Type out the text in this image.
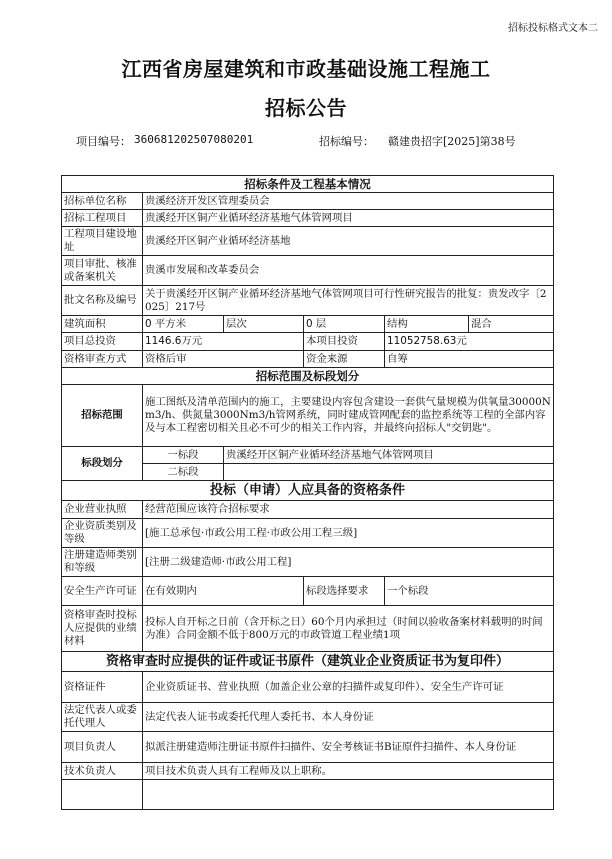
招标投标格式文本二
江西省房屋建筑和市政基础设施工程施工
招标公告
项目编号： 360681202507080201	招标编号： 赣建贵招字[2025]第38号
招标条件及工程基本情况					
招标单位名称	贵溪经济开发区管理委员会				
招标工程项目	贵溪经开区铜产业循环经济基地气体管网项目				
工程项目建设地址	贵溪经开区铜产业循环经济基地				
项目审批、核准或备案机关	贵溪市发展和改革委员会				
批文名称及编号	关于贵溪经开区铜产业循环经济基地气体管网项目可行性研究报告的批复：贵发改字〔2025〕217号				
建筑面积	0 平方米	层次	0 层	结构	混合
项目总投资	1146.6万元		本项目投资	11052758.63元	
资格审查方式	资格后审		资金来源	自筹	
招标范围及标段划分					
招标范围	施工图纸及清单范围内的施工，主要建设内容包含建设一套供气量规模为供氧量30000Nm3/h、供氮量3000Nm3/h管网系统，同时建成管网配套的监控系统等工程的全部内容及与本工程密切相关且必不可少的相关工作内容，并最终向招标人"交钥匙"。				
标段划分	一标段	贵溪经开区铜产业循环经济基地气体管网项目			
	二标段				
投标（申请）人应具备的资格条件					
企业营业执照	经营范围应该符合招标要求				
企业资质类别及等级	[施工总承包·市政公用工程·市政公用工程三级]				
注册建造师类别和等级	[注册二级建造师·市政公用工程]				
安全生产许可证	在有效期内		标段选择要求	一个标段	
资格审查时投标人应提供的业绩材料	投标人自开标之日前（含开标之日）60个月内承担过（时间以验收备案材料载明的时间为准）合同金额不低于800万元的市政管道工程业绩1项				
资格审查时应提供的证件或证书原件（建筑业企业资质证书为复印件）					
资格证件	企业资质证书、营业执照（加盖企业公章的扫描件或复印件）、安全生产许可证				
法定代表人或委托代理人	法定代表人证书或委托代理人委托书、本人身份证				
项目负责人	拟派注册建造师注册证书原件扫描件、安全考核证书B证原件扫描件、本人身份证				
技术负责人	项目技术负责人具有工程师及以上职称。				
